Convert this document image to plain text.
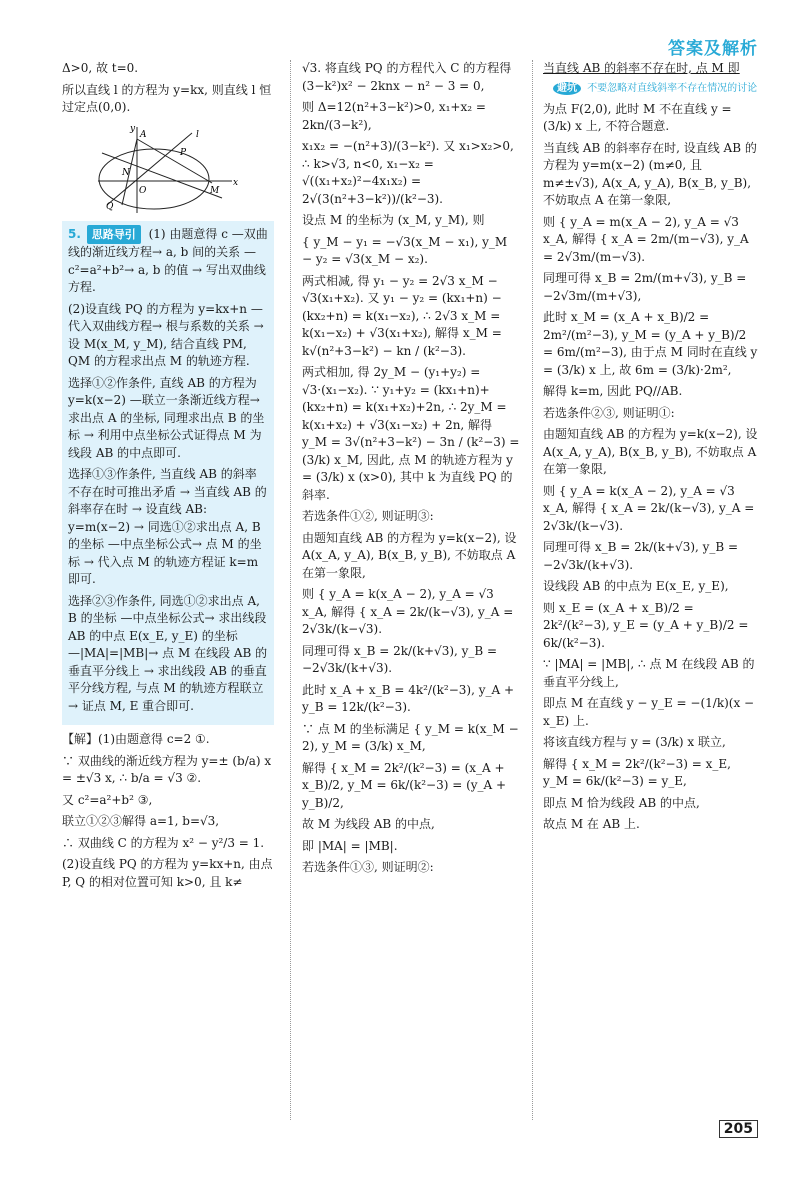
答案及解析

Δ>0, 故 t=0.

所以直线 l 的方程为 y=kx, 则直线 l 恒过定点(0,0).

A
N
O
P
Q
M
l
x
y

5. 思路导引 (1) 由题意得 c —双曲线的渐近线方程→ a, b 间的关系 —c²=a²+b²→ a, b 的值 → 写出双曲线方程.

(2)设直线 PQ 的方程为 y=kx+n —代入双曲线方程→ 根与系数的关系 → 设 M(x_M, y_M), 结合直线 PM, QM 的方程求出点 M 的轨迹方程.

选择①②作条件, 直线 AB 的方程为 y=k(x−2) —联立一条渐近线方程→ 求出点 A 的坐标, 同理求出点 B 的坐标 → 利用中点坐标公式证得点 M 为线段 AB 的中点即可.

选择①③作条件, 当直线 AB 的斜率不存在时可推出矛盾 → 当直线 AB 的斜率存在时 → 设直线 AB: y=m(x−2) → 同选①②求出点 A, B 的坐标 —中点坐标公式→ 点 M 的坐标 → 代入点 M 的轨迹方程证 k=m 即可.

选择②③作条件, 同选①②求出点 A, B 的坐标 —中点坐标公式→ 求出线段 AB 的中点 E(x_E, y_E) 的坐标 —|MA|=|MB|→ 点 M 在线段 AB 的垂直平分线上 → 求出线段 AB 的垂直平分线方程, 与点 M 的轨迹方程联立 → 证点 M, E 重合即可.

【解】(1)由题意得 c=2 ①.

∵ 双曲线的渐近线方程为 y=± (b/a) x = ±√3 x, ∴ b/a = √3 ②.

又 c²=a²+b² ③,

联立①②③解得 a=1, b=√3,

∴ 双曲线 C 的方程为 x² − y²/3 = 1.

(2)设直线 PQ 的方程为 y=kx+n, 由点 P, Q 的相对位置可知 k>0, 且 k≠

√3. 将直线 PQ 的方程代入 C 的方程得 (3−k²)x² − 2knx − n² − 3 = 0,

则 Δ=12(n²+3−k²)>0, x₁+x₂ = 2kn/(3−k²),

x₁x₂ = −(n²+3)/(3−k²). 又 x₁>x₂>0, ∴ k>√3, n<0, x₁−x₂ = √((x₁+x₂)²−4x₁x₂) = 2√(3(n²+3−k²))/(k²−3).

设点 M 的坐标为 (x_M, y_M), 则

{ y_M − y₁ = −√3(x_M − x₁), y_M − y₂ = √3(x_M − x₂).

两式相减, 得 y₁ − y₂ = 2√3 x_M − √3(x₁+x₂). 又 y₁ − y₂ = (kx₁+n) − (kx₂+n) = k(x₁−x₂), ∴ 2√3 x_M = k(x₁−x₂) + √3(x₁+x₂), 解得 x_M = k√(n²+3−k²) − kn / (k²−3).

两式相加, 得 2y_M − (y₁+y₂) = √3·(x₁−x₂). ∵ y₁+y₂ = (kx₁+n)+(kx₂+n) = k(x₁+x₂)+2n, ∴ 2y_M = k(x₁+x₂) + √3(x₁−x₂) + 2n, 解得 y_M = 3√(n²+3−k²) − 3n / (k²−3) = (3/k) x_M, 因此, 点 M 的轨迹方程为 y = (3/k) x (x>0), 其中 k 为直线 PQ 的斜率.

若选条件①②, 则证明③:

由题知直线 AB 的方程为 y=k(x−2), 设 A(x_A, y_A), B(x_B, y_B), 不妨取点 A 在第一象限,

则 { y_A = k(x_A − 2), y_A = √3 x_A, 解得 { x_A = 2k/(k−√3), y_A = 2√3k/(k−√3).

同理可得 x_B = 2k/(k+√3), y_B = −2√3k/(k+√3).

此时 x_A + x_B = 4k²/(k²−3), y_A + y_B = 12k/(k²−3).

∵ 点 M 的坐标满足 { y_M = k(x_M − 2), y_M = (3/k) x_M,

解得 { x_M = 2k²/(k²−3) = (x_A + x_B)/2, y_M = 6k/(k²−3) = (y_A + y_B)/2,

故 M 为线段 AB 的中点,

即 |MA| = |MB|.

若选条件①③, 则证明②:

当直线 AB 的斜率不存在时, 点 M 即

避坑 不要忽略对直线斜率不存在情况的讨论

为点 F(2,0), 此时 M 不在直线 y = (3/k) x 上, 不符合题意.

当直线 AB 的斜率存在时, 设直线 AB 的方程为 y=m(x−2) (m≠0, 且 m≠±√3), A(x_A, y_A), B(x_B, y_B), 不妨取点 A 在第一象限,

则 { y_A = m(x_A − 2), y_A = √3 x_A, 解得 { x_A = 2m/(m−√3), y_A = 2√3m/(m−√3).

同理可得 x_B = 2m/(m+√3), y_B = −2√3m/(m+√3),

此时 x_M = (x_A + x_B)/2 = 2m²/(m²−3), y_M = (y_A + y_B)/2 = 6m/(m²−3), 由于点 M 同时在直线 y = (3/k) x 上, 故 6m = (3/k)·2m²,

解得 k=m, 因此 PQ//AB.

若选条件②③, 则证明①:

由题知直线 AB 的方程为 y=k(x−2), 设 A(x_A, y_A), B(x_B, y_B), 不妨取点 A 在第一象限,

则 { y_A = k(x_A − 2), y_A = √3 x_A, 解得 { x_A = 2k/(k−√3), y_A = 2√3k/(k−√3).

同理可得 x_B = 2k/(k+√3), y_B = −2√3k/(k+√3).

设线段 AB 的中点为 E(x_E, y_E),

则 x_E = (x_A + x_B)/2 = 2k²/(k²−3), y_E = (y_A + y_B)/2 = 6k/(k²−3).

∵ |MA| = |MB|, ∴ 点 M 在线段 AB 的垂直平分线上,

即点 M 在直线 y − y_E = −(1/k)(x − x_E) 上.

将该直线方程与 y = (3/k) x 联立,

解得 { x_M = 2k²/(k²−3) = x_E, y_M = 6k/(k²−3) = y_E,

即点 M 恰为线段 AB 的中点,

故点 M 在 AB 上.

205
